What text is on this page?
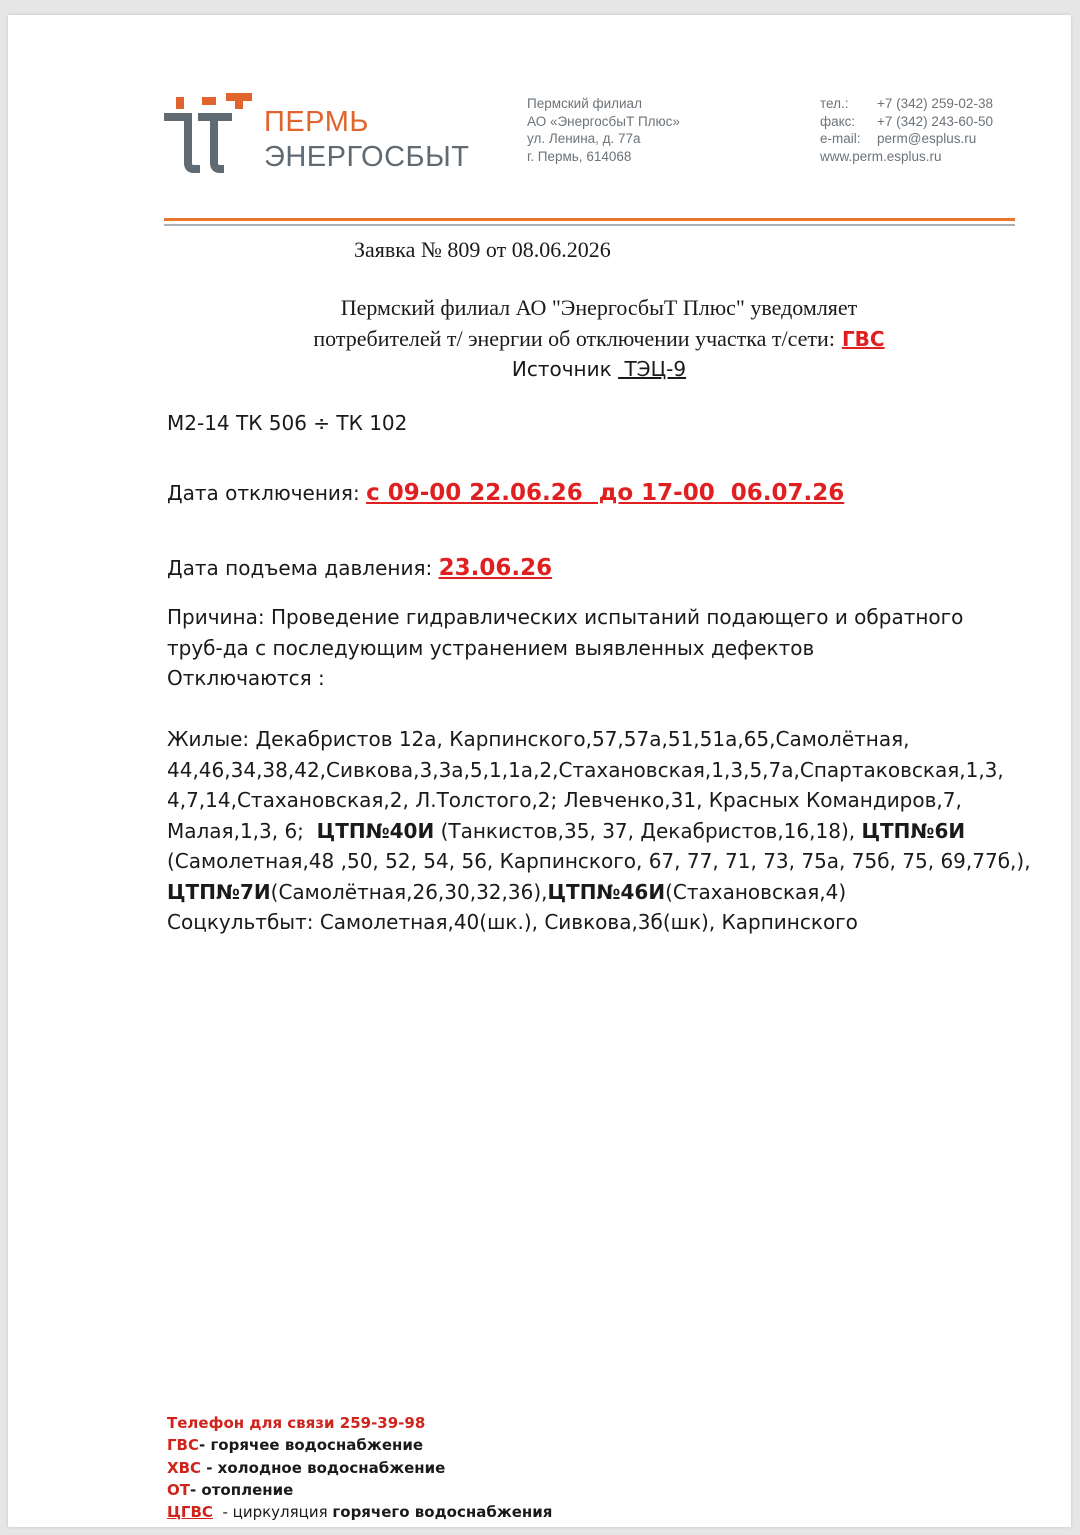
ПЕРМЬ
ЭНЕРГОСБЫТ
Пермский филиал
АО «ЭнергосбыТ Плюс»
ул. Ленина, д. 77а
г. Пермь, 614068
тел.:	+7 (342) 259-02-38
факс:	+7 (342) 243-60-50
e-mail:	perm@esplus.ru
www.perm.esplus.ru
Заявка № 809 от 08.06.2026
Пермский филиал АО "ЭнергосбыТ Плюс" уведомляет
потребителей т/ энергии об отключении участка т/сети: ГВС
Источник ТЭЦ-9
М2-14 ТК 506 ÷ ТК 102
Дата отключения: с 09-00 22.06.26  до 17-00  06.07.26
Дата подъема давления: 23.06.26
Причина: Проведение гидравлических испытаний подающего и обратного
труб-да с последующим устранением выявленных дефектов
Отключаются :
Жилые: Декабристов 12а, Карпинского,57,57а,51,51а,65,Самолётная,
44,46,34,38,42,Сивкова,3,3а,5,1,1а,2,Стахановская,1,3,5,7а,Спартаковская,1,3,
4,7,14,Стахановская,2, Л.Толстого,2; Левченко,31, Красных Командиров,7,
Малая,1,3, 6;  ЦТП№40И (Танкистов,35, 37, Декабристов,16,18), ЦТП№6И
(Самолетная,48 ,50, 52, 54, 56, Карпинского, 67, 77, 71, 73, 75а, 75б, 75, 69,77б,),
ЦТП№7И(Самолётная,26,30,32,36),ЦТП№46И(Стахановская,4)
Соцкультбыт: Самолетная,40(шк.), Сивкова,3б(шк), Карпинского
Телефон для связи 259-39-98
ГВС- горячее водоснабжение
ХВС - холодное водоснабжение
ОТ- отопление
ЦГВС  - циркуляция горячего водоснабжения
